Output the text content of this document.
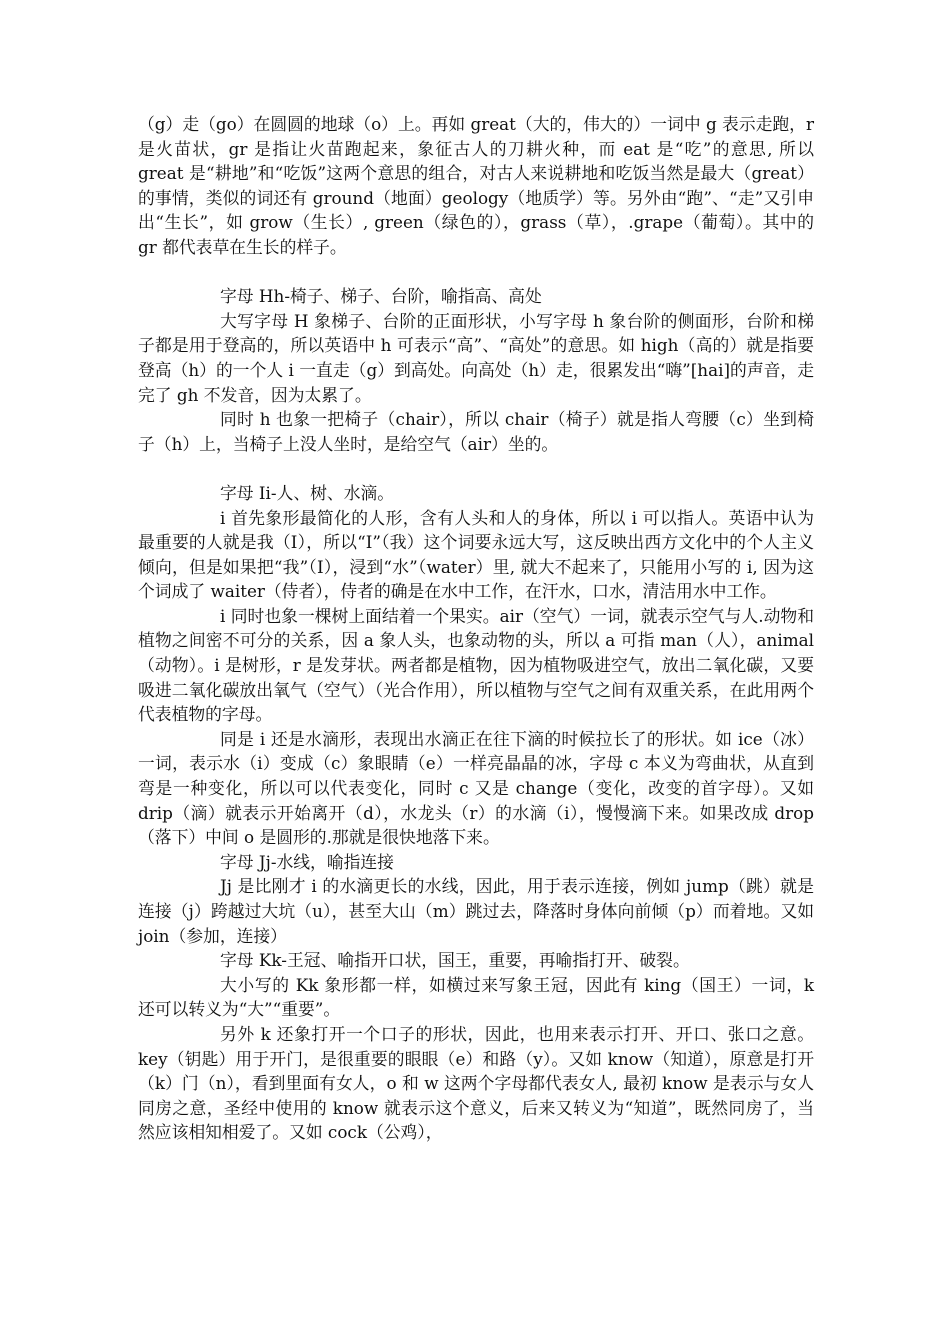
（g）走（go）在圆圆的地球（o）上。再如 great（大的，伟大的）一词中 g 表示走跑，r 是火苗状，gr 是指让火苗跑起来，象征古人的刀耕火种，而 eat 是“吃”的意思, 所以 great 是“耕地”和“吃饭”这两个意思的组合，对古人来说耕地和吃饭当然是最大（great）的事情，类似的词还有 ground（地面）geology（地质学）等。另外由“跑”、“走”又引申出“生长”，如 grow（生长）, green（绿色的），grass（草），.grape（葡萄）。其中的 gr 都代表草在生长的样子。

字母 Hh-椅子、梯子、台阶，喻指高、高处

大写字母 H 象梯子、台阶的正面形状，小写字母 h 象台阶的侧面形，台阶和梯子都是用于登高的，所以英语中 h 可表示“高”、“高处”的意思。如 high（高的）就是指要登高（h）的一个人 i 一直走（g）到高处。向高处（h）走，很累发出“嗨”[hai]的声音，走完了 gh 不发音，因为太累了。

同时 h 也象一把椅子（chair），所以 chair（椅子）就是指人弯腰（c）坐到椅子（h）上，当椅子上没人坐时，是给空气（air）坐的。

字母 Ii-人、树、水滴。

i 首先象形最简化的人形，含有人头和人的身体，所以 i 可以指人。英语中认为最重要的人就是我（I），所以“I”（我）这个词要永远大写，这反映出西方文化中的个人主义倾向，但是如果把“我”（I），浸到“水”（water）里, 就大不起来了，只能用小写的 i, 因为这个词成了 waiter（侍者），侍者的确是在水中工作，在汗水，口水，清洁用水中工作。

i 同时也象一棵树上面结着一个果实。air（空气）一词，就表示空气与人.动物和植物之间密不可分的关系，因 a 象人头，也象动物的头，所以 a 可指 man（人），animal（动物）。i 是树形，r 是发芽状。两者都是植物，因为植物吸进空气，放出二氧化碳，又要吸进二氧化碳放出氧气（空气）（光合作用），所以植物与空气之间有双重关系，在此用两个代表植物的字母。

同是 i 还是水滴形，表现出水滴正在往下滴的时候拉长了的形状。如 ice（冰）一词，表示水（i）变成（c）象眼睛（e）一样亮晶晶的冰，字母 c 本义为弯曲状，从直到弯是一种变化，所以可以代表变化，同时 c 又是 change（变化，改变的首字母）。又如 drip（滴）就表示开始离开（d），水龙头（r）的水滴（i），慢慢滴下来。如果改成 drop（落下）中间 o 是圆形的.那就是很快地落下来。

字母 Jj-水线，喻指连接

Jj 是比刚才 i 的水滴更长的水线，因此，用于表示连接，例如 jump（跳）就是连接（j）跨越过大坑（u），甚至大山（m）跳过去，降落时身体向前倾（p）而着地。又如 join（参加，连接）

字母 Kk-王冠、喻指开口状，国王，重要，再喻指打开、破裂。

大小写的 Kk 象形都一样，如横过来写象王冠，因此有 king（国王）一词，k 还可以转义为“大”“重要”。

另外 k 还象打开一个口子的形状，因此，也用来表示打开、开口、张口之意。key（钥匙）用于开门，是很重要的眼眼（e）和路（y）。又如 know（知道），原意是打开（k）门（n），看到里面有女人，o 和 w 这两个字母都代表女人, 最初 know 是表示与女人同房之意，圣经中使用的 know 就表示这个意义，后来又转义为“知道”，既然同房了，当然应该相知相爱了。又如 cock（公鸡），
